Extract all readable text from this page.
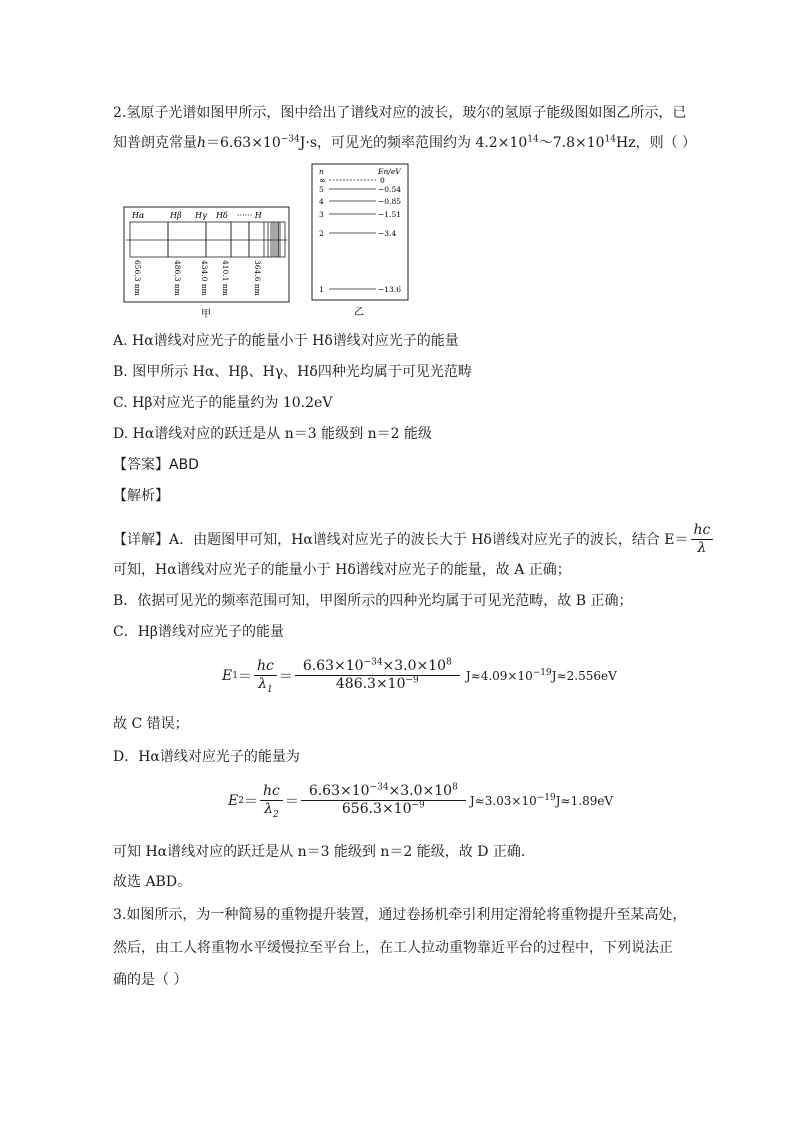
2.氢原子光谱如图甲所示，图中给出了谱线对应的波长，玻尔的氢原子能级图如图乙所示，已
知普朗克常量$h=6.63\times 10^{-34}J\cdot s$，可见光的频率范围约为 $4.2\times 10^{14}\sim 7.8\times 10^{14}Hz$，则（ ）
Hα	Hβ Hγ Hδ ······ H
656.3 nm	486.3 nm 434.0 nm 410.1 nm	364.6 nm
甲
n	En/eV
∞	0
5	−0.54
4	−0.85
3	−1.51
2	−3.4
1	−13.6
乙
A. Hα谱线对应光子的能量小于 Hδ谱线对应光子的能量
B. 图甲所示 Hα、Hβ、Hγ、Hδ四种光均属于可见光范畴
C. Hβ对应光子的能量约为 10.2eV
D. Hα谱线对应的跃迁是从 n＝3 能级到 n＝2 能级
【答案】ABD
【解析】
【详解】A．由题图甲可知，Hα谱线对应光子的波长大于 Hδ谱线对应光子的波长，结合 $E= \frac{hc}{\lambda}$
可知，Hα谱线对应光子的能量小于 Hδ谱线对应光子的能量，故 A 正确；
B．依据可见光的频率范围可知，甲图所示的四种光均属于可见光范畴，故 B 正确；
C．Hβ谱线对应光子的能量
E $1 = \frac{hc}{\lambda_1} = \frac{6.63\times 10^{-34}\times 3.0\times 10^8}{486.3\times 10^{-9}} J\approx 4.09\times 10^{-19}J\approx 2.556eV$
故 C 错误；
D．Hα谱线对应光子的能量为
E $2 = \frac{hc}{\lambda_2} = \frac{6.63\times 10^{-34}\times 3.0\times 10^8}{656.3\times 10^{-9}} J\approx 3.03\times 10^{-19}J\approx 1.89eV$
可知 Hα谱线对应的跃迁是从 n＝3 能级到 n＝2 能级，故 D 正确．
故选 ABD。
3.如图所示，为一种简易的重物提升装置，通过卷扬机牵引利用定滑轮将重物提升至某高处，
然后，由工人将重物水平缓慢拉至平台上，在工人拉动重物靠近平台的过程中，下列说法正
确的是（ ）
